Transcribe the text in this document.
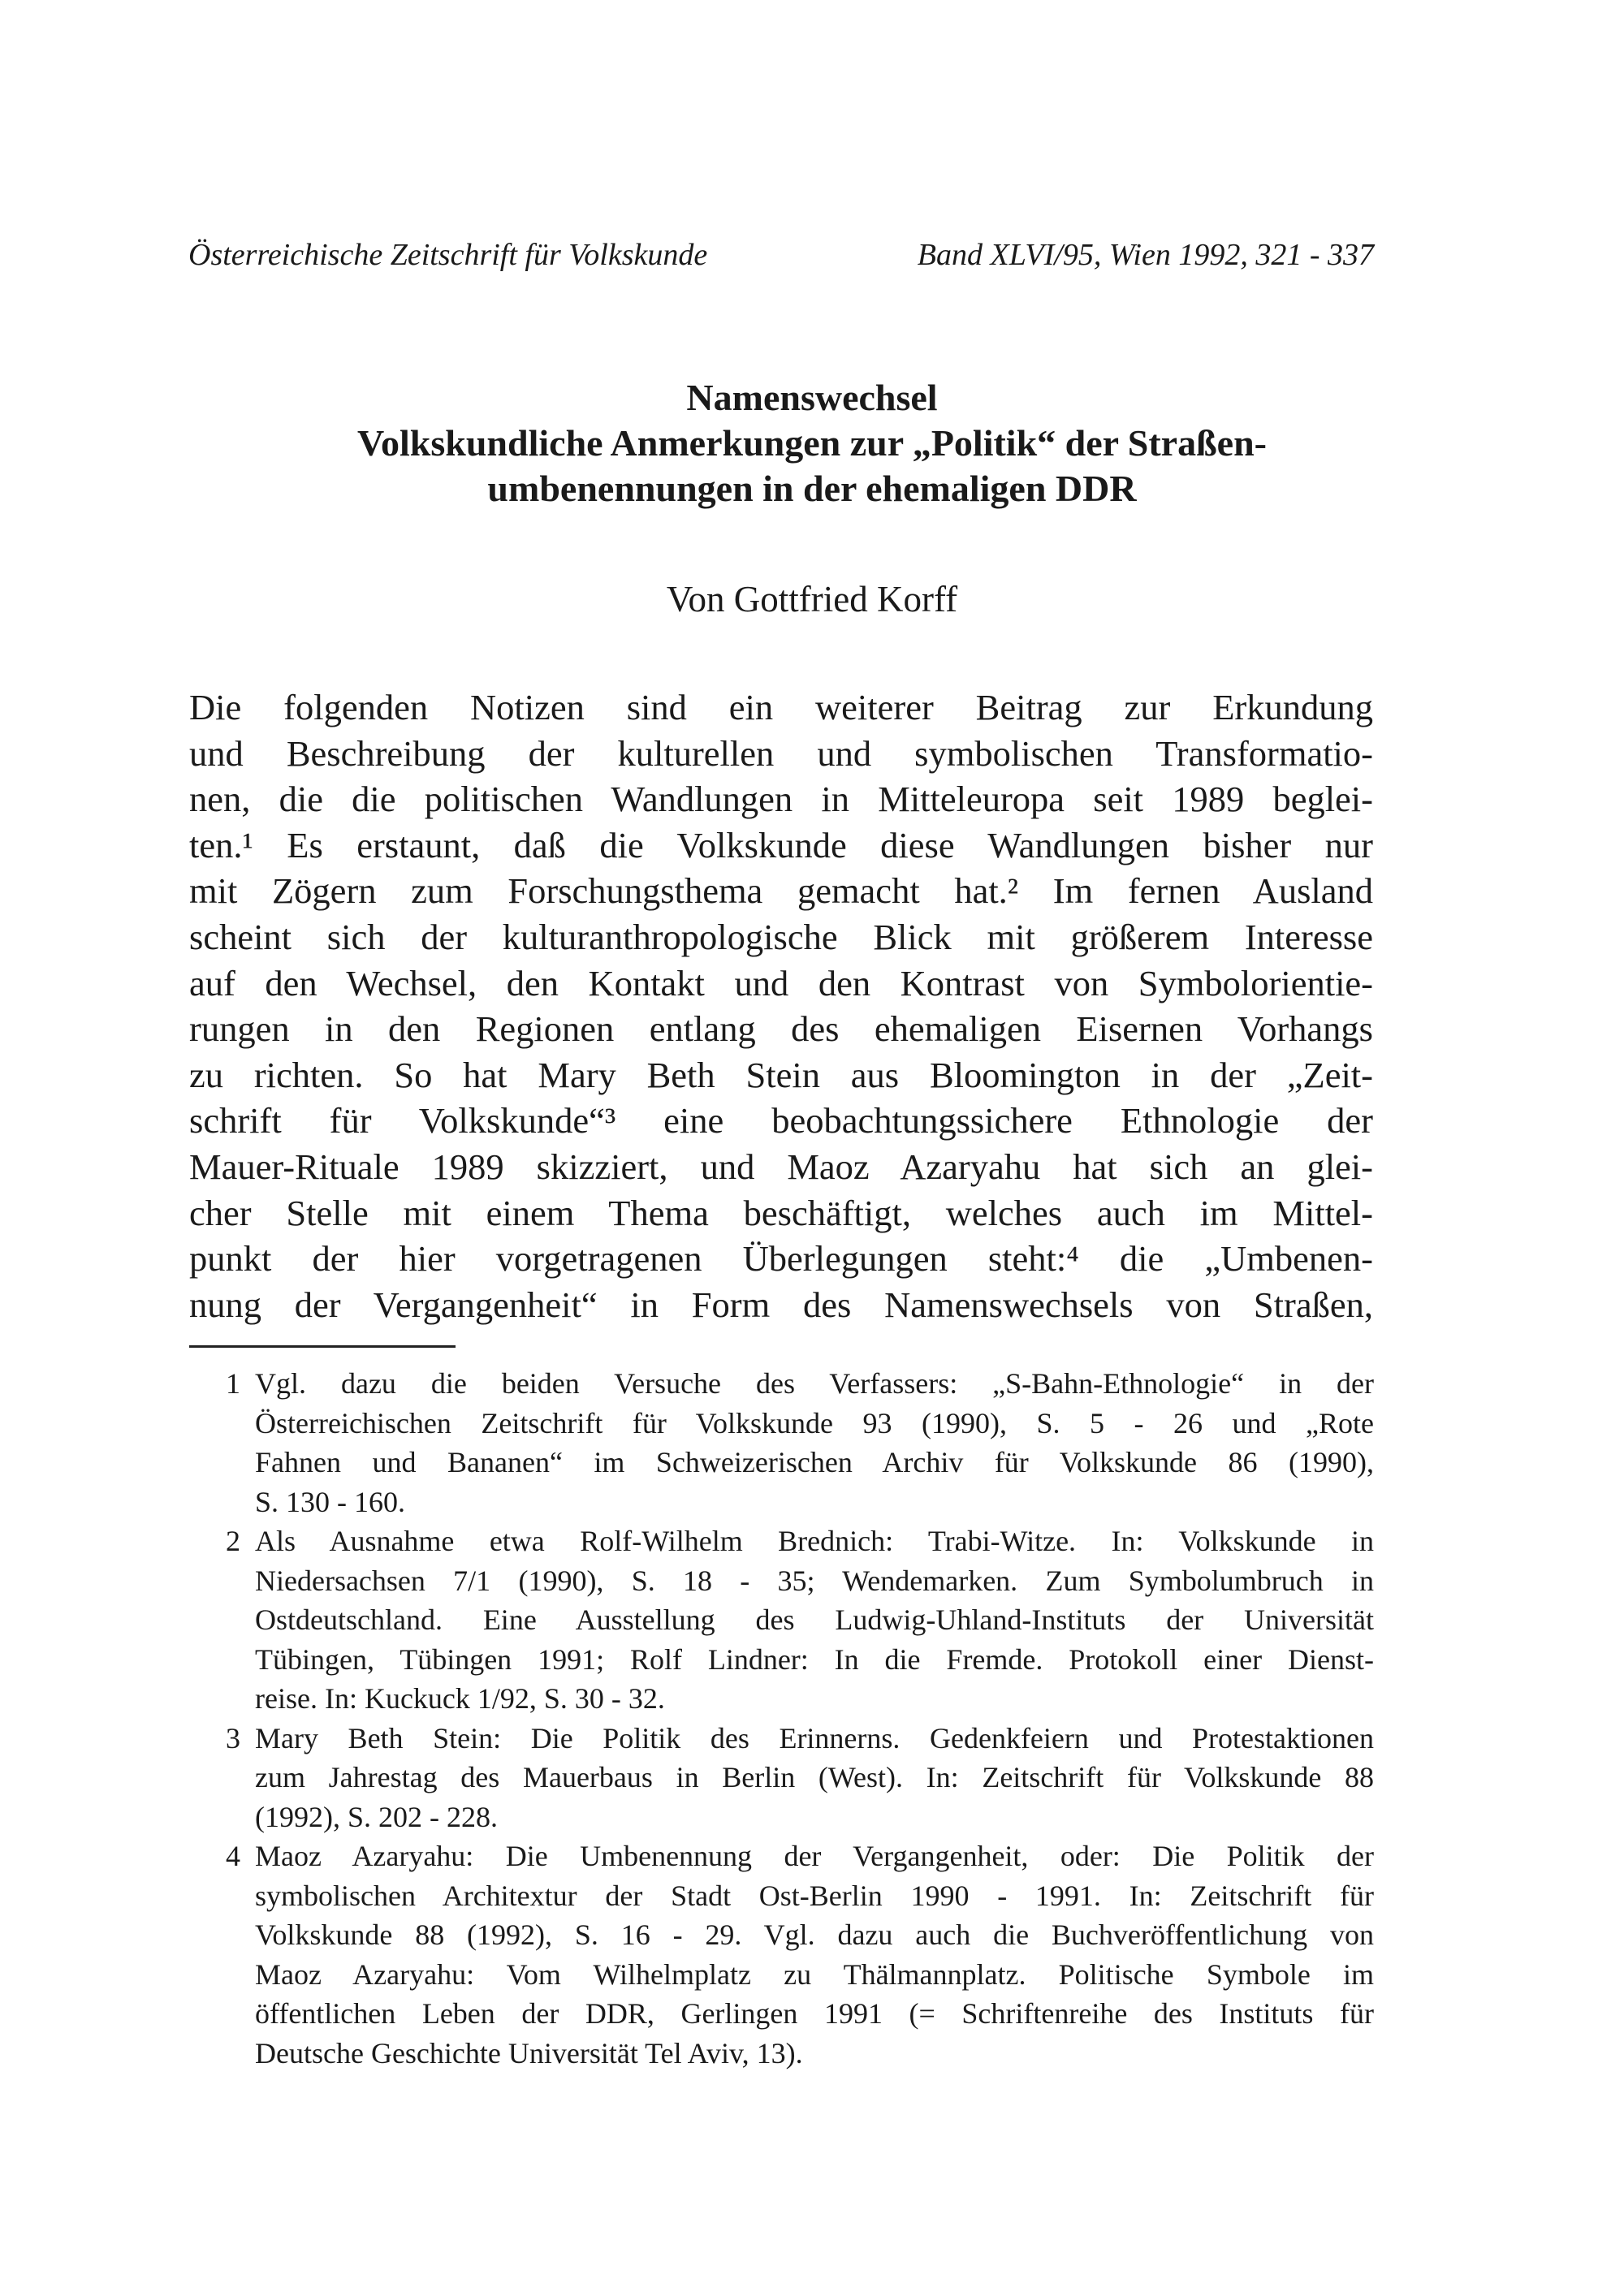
Österreichische Zeitschrift für Volkskunde	Band XLVI/95, Wien 1992, 321 - 337
Namenswechsel
Volkskundliche Anmerkungen zur „Politik“ der Straßen-
umbenennungen in der ehemaligen DDR
Von Gottfried Korff
Die folgenden Notizen sind ein weiterer Beitrag zur Erkundung
und Beschreibung der kulturellen und symbolischen Transformatio-
nen, die die politischen Wandlungen in Mitteleuropa seit 1989 beglei-
ten.¹ Es erstaunt, daß die Volkskunde diese Wandlungen bisher nur
mit Zögern zum Forschungsthema gemacht hat.² Im fernen Ausland
scheint sich der kulturanthropologische Blick mit größerem Interesse
auf den Wechsel, den Kontakt und den Kontrast von Symbolorientie-
rungen in den Regionen entlang des ehemaligen Eisernen Vorhangs
zu richten. So hat Mary Beth Stein aus Bloomington in der „Zeit-
schrift für Volkskunde“³ eine beobachtungssichere Ethnologie der
Mauer-Rituale 1989 skizziert, und Maoz Azaryahu hat sich an glei-
cher Stelle mit einem Thema beschäftigt, welches auch im Mittel-
punkt der hier vorgetragenen Überlegungen steht:⁴ die „Umbenen-
nung der Vergangenheit“ in Form des Namenswechsels von Straßen,
1 Vgl. dazu die beiden Versuche des Verfassers: „S-Bahn-Ethnologie“ in der
Österreichischen Zeitschrift für Volkskunde 93 (1990), S. 5 - 26 und „Rote
Fahnen und Bananen“ im Schweizerischen Archiv für Volkskunde 86 (1990),
S. 130 - 160.
2 Als Ausnahme etwa Rolf-Wilhelm Brednich: Trabi-Witze. In: Volkskunde in
Niedersachsen 7/1 (1990), S. 18 - 35; Wendemarken. Zum Symbolumbruch in
Ostdeutschland. Eine Ausstellung des Ludwig-Uhland-Instituts der Universität
Tübingen, Tübingen 1991; Rolf Lindner: In die Fremde. Protokoll einer Dienst-
reise. In: Kuckuck 1/92, S. 30 - 32.
3 Mary Beth Stein: Die Politik des Erinnerns. Gedenkfeiern und Protestaktionen
zum Jahrestag des Mauerbaus in Berlin (West). In: Zeitschrift für Volkskunde 88
(1992), S. 202 - 228.
4 Maoz Azaryahu: Die Umbenennung der Vergangenheit, oder: Die Politik der
symbolischen Architextur der Stadt Ost-Berlin 1990 - 1991. In: Zeitschrift für
Volkskunde 88 (1992), S. 16 - 29. Vgl. dazu auch die Buchveröffentlichung von
Maoz Azaryahu: Vom Wilhelmplatz zu Thälmannplatz. Politische Symbole im
öffentlichen Leben der DDR, Gerlingen 1991 (= Schriftenreihe des Instituts für
Deutsche Geschichte Universität Tel Aviv, 13).
